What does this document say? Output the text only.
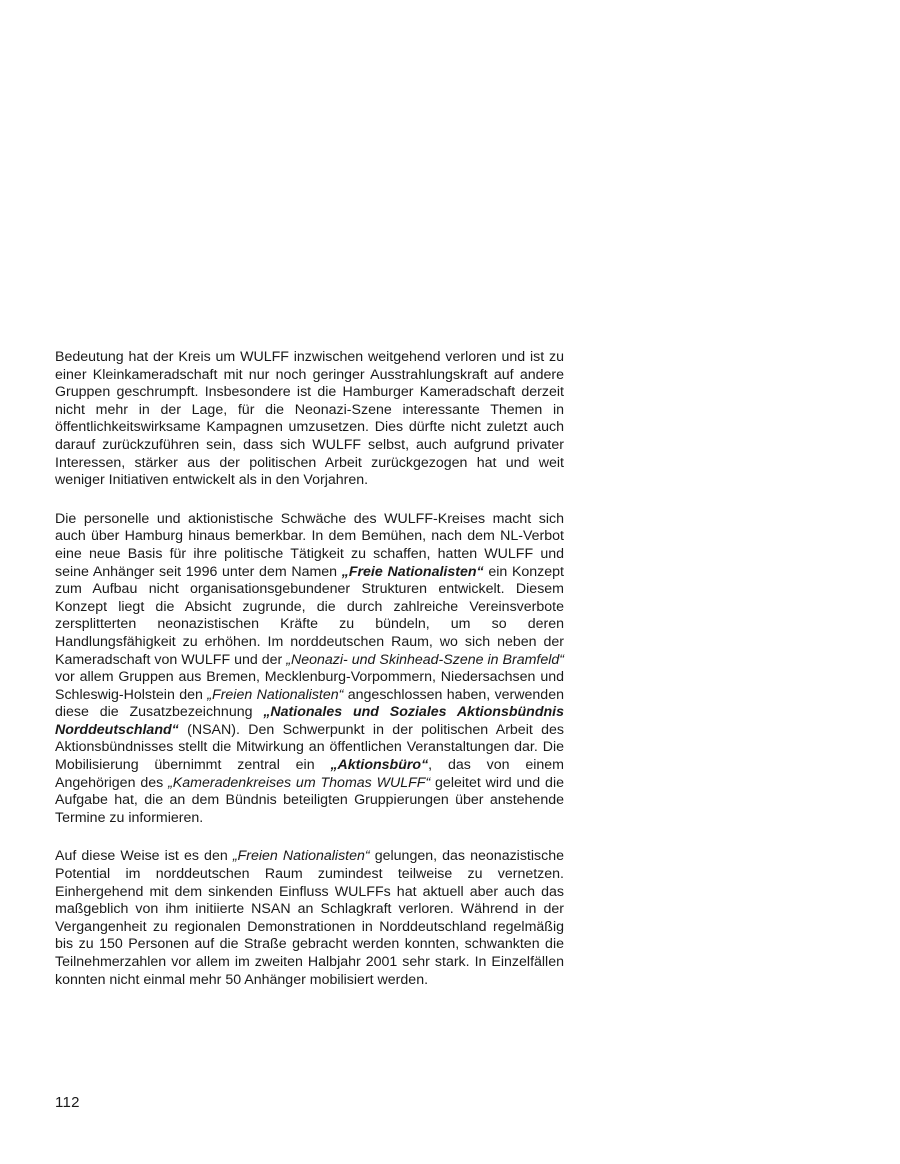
Bedeutung hat der Kreis um WULFF inzwischen weitgehend verloren und ist zu einer Kleinkameradschaft mit nur noch geringer Ausstrahlungskraft auf andere Gruppen geschrumpft. Insbesondere ist die Hamburger Kameradschaft derzeit nicht mehr in der Lage, für die Neonazi-Szene interessante Themen in öffentlichkeitswirksame Kampagnen umzusetzen. Dies dürfte nicht zuletzt auch darauf zurückzuführen sein, dass sich WULFF selbst, auch aufgrund privater Interessen, stärker aus der politischen Arbeit zurückgezogen hat und weit weniger Initiativen entwickelt als in den Vorjahren.

Die personelle und aktionistische Schwäche des WULFF-Kreises macht sich auch über Hamburg hinaus bemerkbar. In dem Bemühen, nach dem NL-Verbot eine neue Basis für ihre politische Tätigkeit zu schaffen, hatten WULFF und seine Anhänger seit 1996 unter dem Namen „Freie Nationalisten“ ein Konzept zum Aufbau nicht organisationsgebundener Strukturen entwickelt. Diesem Konzept liegt die Absicht zugrunde, die durch zahlreiche Vereinsverbote zersplitterten neonazistischen Kräfte zu bündeln, um so deren Handlungsfähigkeit zu erhöhen. Im norddeutschen Raum, wo sich neben der Kameradschaft von WULFF und der „Neonazi- und Skinhead-Szene in Bramfeld“ vor allem Gruppen aus Bremen, Mecklenburg-Vorpommern, Niedersachsen und Schleswig-Holstein den „Freien Nationalisten“ angeschlossen haben, verwenden diese die Zusatzbezeichnung „Nationales und Soziales Aktionsbündnis Norddeutschland“ (NSAN). Den Schwerpunkt in der politischen Arbeit des Aktionsbündnisses stellt die Mitwirkung an öffentlichen Veranstaltungen dar. Die Mobilisierung übernimmt zentral ein „Aktionsbüro“, das von einem Angehörigen des „Kameradenkreises um Thomas WULFF“ geleitet wird und die Aufgabe hat, die an dem Bündnis beteiligten Gruppierungen über anstehende Termine zu informieren.

Auf diese Weise ist es den „Freien Nationalisten“ gelungen, das neonazistische Potential im norddeutschen Raum zumindest teilweise zu vernetzen. Einhergehend mit dem sinkenden Einfluss WULFFs hat aktuell aber auch das maßgeblich von ihm initiierte NSAN an Schlagkraft verloren. Während in der Vergangenheit zu regionalen Demonstrationen in Norddeutschland regelmäßig bis zu 150 Personen auf die Straße gebracht werden konnten, schwankten die Teilnehmerzahlen vor allem im zweiten Halbjahr 2001 sehr stark. In Einzelfällen konnten nicht einmal mehr 50 Anhänger mobilisiert werden.

112
